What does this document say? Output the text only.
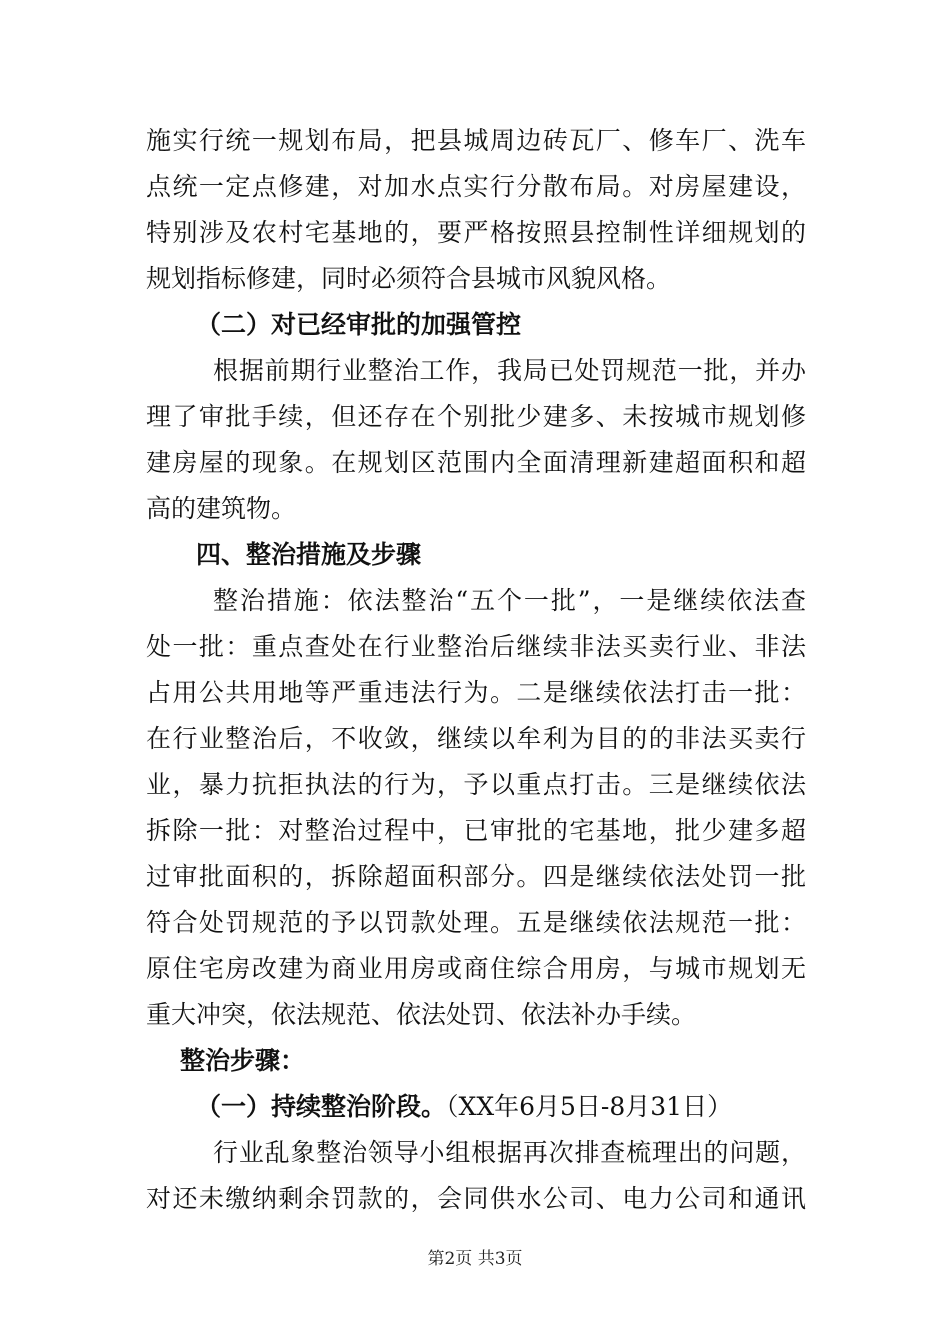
施实行统一规划布局，把县城周边砖瓦厂、修车厂、洗车
点统一定点修建，对加水点实行分散布局。对房屋建设，
特别涉及农村宅基地的，要严格按照县控制性详细规划的
规划指标修建，同时必须符合县城市风貌风格。
（二）对已经审批的加强管控
根据前期行业整治工作，我局已处罚规范一批，并办
理了审批手续，但还存在个别批少建多、未按城市规划修
建房屋的现象。在规划区范围内全面清理新建超面积和超
高的建筑物。
四、整治措施及步骤
整治措施：依法整治“五个一批”，一是继续依法查
处一批：重点查处在行业整治后继续非法买卖行业、非法
占用公共用地等严重违法行为。二是继续依法打击一批：
在行业整治后，不收敛，继续以牟利为目的的非法买卖行
业，暴力抗拒执法的行为，予以重点打击。三是继续依法
拆除一批：对整治过程中，已审批的宅基地，批少建多超
过审批面积的，拆除超面积部分。四是继续依法处罚一批
符合处罚规范的予以罚款处理。五是继续依法规范一批：
原住宅房改建为商业用房或商住综合用房，与城市规划无
重大冲突，依法规范、依法处罚、依法补办手续。
整治步骤：
（一）持续整治阶段。（XX年6月5日-8月31日）
行业乱象整治领导小组根据再次排查梳理出的问题，
对还未缴纳剩余罚款的，会同供水公司、电力公司和通讯
第2页 共3页
